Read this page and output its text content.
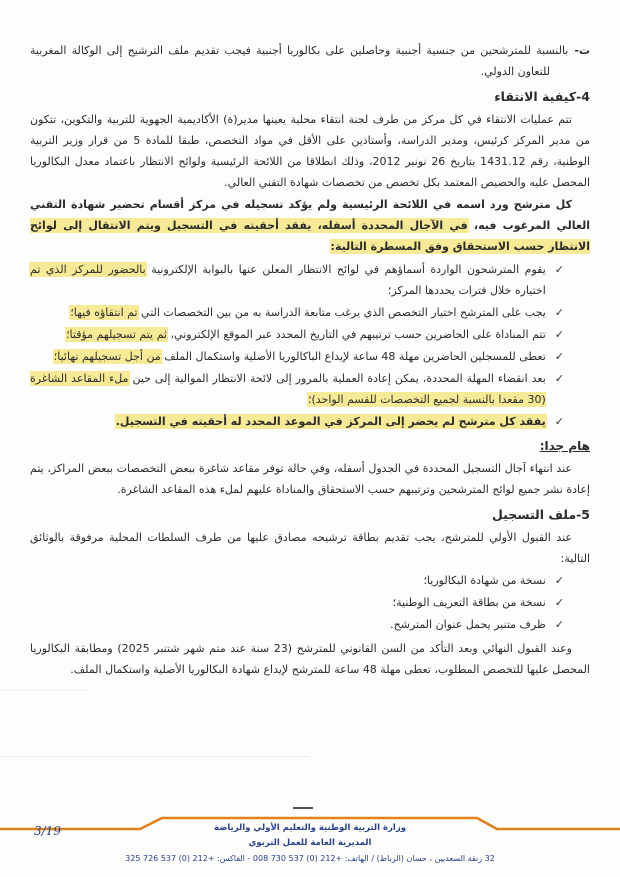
ت-بالنسبة للمترشحين من جنسية أجنبية وحاصلين على بكالوريا أجنبية فيجب تقديم ملف الترشيح إلى الوكالة المغربية للتعاون الدولي.

4-كيفية الانتقاء

تتم عمليات الانتقاء في كل مركز من طرف لجنة انتقاء محلية يعينها مدير(ة) الأكاديمية الجهوية للتربية والتكوين، تتكون من مدير المركز كرئيس، ومدير الدراسة، وأستاذين على الأقل في مواد التخصص، طبقا للمادة 5 من قرار وزير التربية الوطنية، رقم 1431.12 بتاريخ 26 نونبر 2012، وذلك انطلاقا من اللائحة الرئيسية ولوائح الانتظار باعتماد معدل البكالوريا المحصل عليه والحصيص المعتمد بكل تخصص من تخصصات شهادة التقني العالي.

كل مترشح ورد اسمه في اللائحة الرئيسية ولم يؤكد تسجيله في مركز أقسام تحضير شهادة التقني العالي المرغوب فيه، في الآجال المحددة أسفله، يفقد أحقيته في التسجيل ويتم الانتقال إلى لوائح الانتظار حسب الاستحقاق وفق المسطرة التالية:

✓
يقوم المترشحون الواردة أسماؤهم في لوائح الانتظار المعلن عنها بالبوابة الإلكترونية بالحضور للمركز الذي تم اختياره خلال فترات يحددها المركز؛
✓
يجب على المترشح اختيار التخصص الذي يرغب متابعة الدراسة به من بين التخصصات التي تم انتقاؤه فيها؛
✓
تتم المناداة على الحاضرين حسب ترتيبهم في التاريخ المحدد عبر الموقع الإلكتروني، ثم يتم تسجيلهم مؤقتا؛
✓
تعطى للمسجلين الحاضرين مهلة 48 ساعة لإيداع الباكالوريا الأصلية واستكمال الملف من أجل تسجيلهم نهائيا؛
✓
بعد انقضاء المهلة المحددة، يمكن إعادة العملية بالمرور إلى لائحة الانتظار الموالية إلى حين ملء المقاعد الشاغرة (30 مقعدا بالنسبة لجميع التخصصات للقسم الواحد)؛
✓
يفقد كل مترشح لم يحضر إلى المركز في الموعد المحدد له أحقيته في التسجيل.
هام جدا:

عند انتهاء آجال التسجيل المحددة في الجدول أسفله، وفي حالة توفر مقاعد شاغرة ببعض التخصصات ببعض المراكز، يتم إعادة نشر جميع لوائح المترشحين وترتيبهم حسب الاستحقاق والمناداة عليهم لملء هذه المقاعد الشاغرة.

5-ملف التسجيل

عند القبول الأولي للمترشح، يجب تقديم بطاقة ترشيحه مصادق عليها من طرف السلطات المحلية مرفوقة بالوثائق التالية:

✓
نسخة من شهادة البكالوريا؛
✓
نسخة من بطاقة التعريف الوطنية؛
✓
ظرف متنبر يحمل عنوان المترشح.

وعند القبول النهائي وبعد التأكد من السن القانوني للمترشح (23 سنة عند متم شهر شتنبر 2025) ومطابقة البكالوريا المحصل عليها للتخصص المطلوب، تعطى مهلة 48 ساعة للمترشح لإيداع شهادة البكالوريا الأصلية واستكمال الملف.

3/19	وزارة التربية الوطنية والتعليم الأولي والرياضة
المديرية العامة للعمل التربوي
32 زنقة السعديين ، حسان (الرباط) / الهاتف: +212 (0) 537 730 008 - الفاكس: +212 (0) 537 726 325
